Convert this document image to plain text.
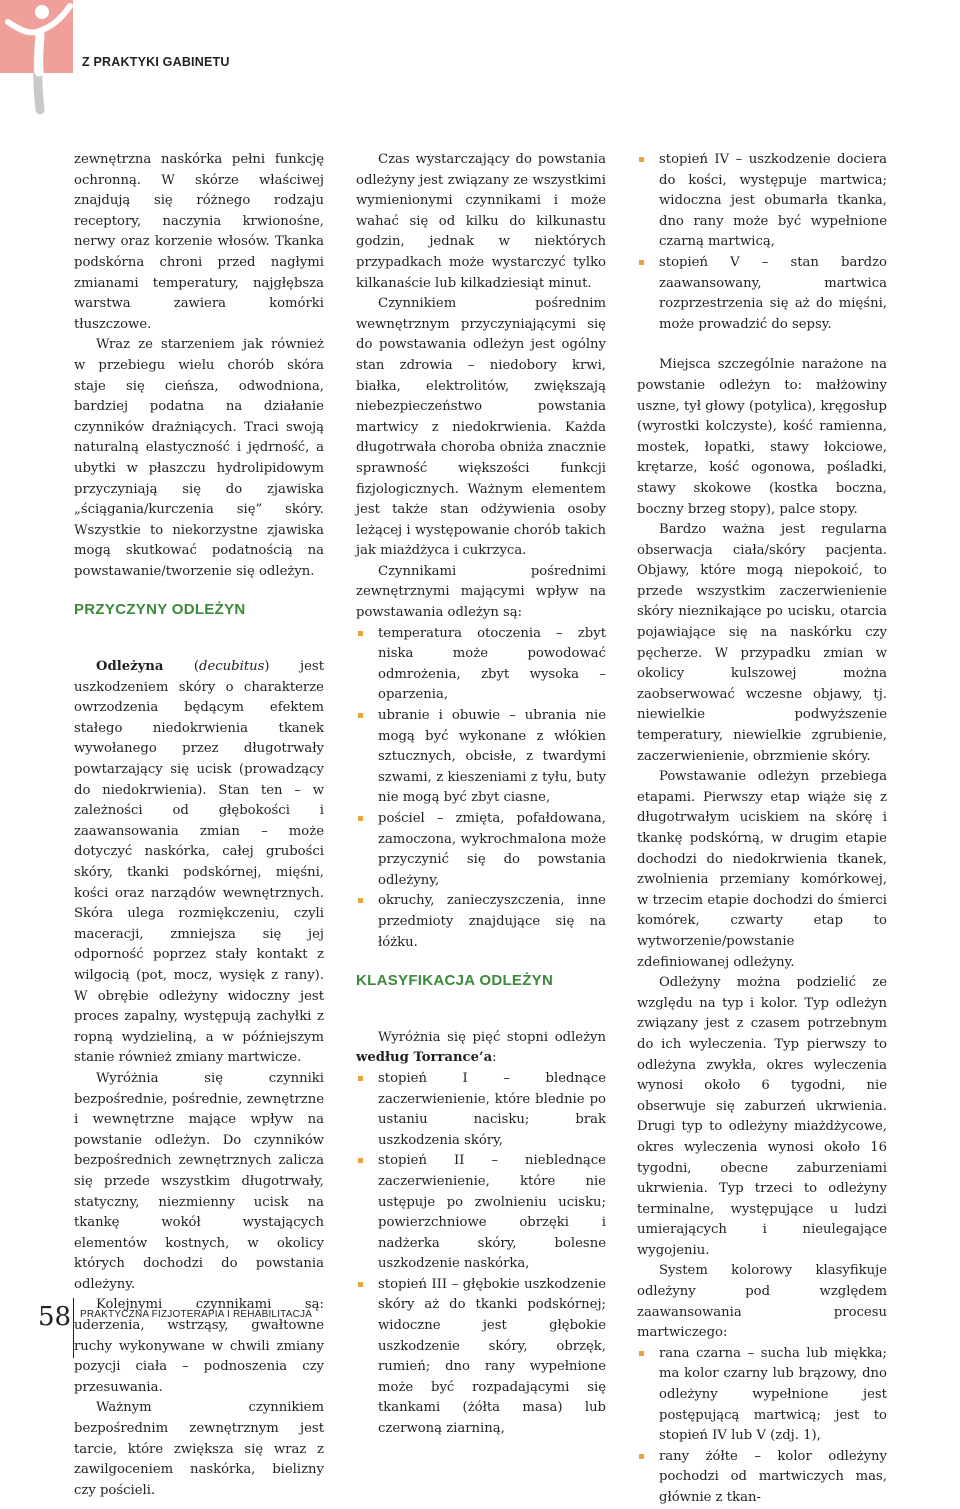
Z PRAKTYKI GABINETU

zewnętrzna naskórka pełni funkcję ochronną. W skórze właściwej znajdują się różnego rodzaju receptory, naczynia krwionośne, nerwy oraz korzenie włosów. Tkanka podskórna chroni przed nagłymi zmianami temperatury, najgłębsza warstwa zawiera komórki tłuszczowe.

Wraz ze starzeniem jak również w przebiegu wielu chorób skóra staje się cieńsza, odwodniona, bardziej podatna na działanie czynników drażniących. Traci swoją naturalną elastyczność i jędrność, a ubytki w płaszczu hydrolipidowym przyczyniają się do zjawiska „ściągania/kurczenia się” skóry. Wszystkie to niekorzystne zjawiska mogą skutkować podatnością na powstawanie/tworzenie się odleżyn.

PRZYCZYNY ODLEŻYN

Odleżyna (decubitus) jest uszkodzeniem skóry o charakterze owrzodzenia będącym efektem stałego niedokrwienia tkanek wywołanego przez długotrwały powtarzający się ucisk (prowadzący do niedokrwienia). Stan ten – w zależności od głębokości i zaawansowania zmian – może dotyczyć naskórka, całej grubości skóry, tkanki podskórnej, mięśni, kości oraz narządów wewnętrznych. Skóra ulega rozmiękczeniu, czyli maceracji, zmniejsza się jej odporność poprzez stały kontakt z wilgocią (pot, mocz, wysięk z rany). W obrębie odleżyny widoczny jest proces zapalny, występują zachyłki z ropną wydzieliną, a w późniejszym stanie również zmiany martwicze.

Wyróżnia się czynniki bezpośrednie, pośrednie, zewnętrzne i wewnętrzne mające wpływ na powstanie odleżyn. Do czynników bezpośrednich zewnętrznych zalicza się przede wszystkim długotrwały, statyczny, niezmienny ucisk na tkankę wokół wystających elementów kostnych, w okolicy których dochodzi do powstania odleżyny.

Kolejnymi czynnikami są: uderzenia, wstrząsy, gwałtowne ruchy wykonywane w chwili zmiany pozycji ciała – podnoszenia czy przesuwania.

Ważnym czynnikiem bezpośrednim zewnętrznym jest tarcie, które zwiększa się wraz z zawilgoceniem naskórka, bielizny czy pościeli.

Czas wystarczający do powstania odleżyny jest związany ze wszystkimi wymienionymi czynnikami i może wahać się od kilku do kilkunastu godzin, jednak w niektórych przypadkach może wystarczyć tylko kilkanaście lub kilkadziesiąt minut.

Czynnikiem pośrednim wewnętrznym przyczyniającymi się do powstawania odleżyn jest ogólny stan zdrowia – niedobory krwi, białka, elektrolitów, zwiększają niebezpieczeństwo powstania martwicy z niedokrwienia. Każda długotrwała choroba obniża znacznie sprawność większości funkcji fizjologicznych. Ważnym elementem jest także stan odżywienia osoby leżącej i występowanie chorób takich jak miażdżyca i cukrzyca.

Czynnikami pośrednimi zewnętrznymi mającymi wpływ na powstawania odleżyn są:

temperatura otoczenia – zbyt niska może powodować odmrożenia, zbyt wysoka – oparzenia,
ubranie i obuwie – ubrania nie mogą być wykonane z włókien sztucznych, obcisłe, z twardymi szwami, z kieszeniami z tyłu, buty nie mogą być zbyt ciasne,
pościel – zmięta, pofałdowana, zamoczona, wykrochmalona może przyczynić się do powstania odleżyny,
okruchy, zanieczyszczenia, inne przedmioty znajdujące się na łóżku.
KLASYFIKACJA ODLEŻYN

Wyróżnia się pięć stopni odleżyn według Torrance’a:

stopień I – blednące zaczerwienienie, które blednie po ustaniu nacisku; brak uszkodzenia skóry,
stopień II – nieblednące zaczerwienienie, które nie ustępuje po zwolnieniu ucisku; powierzchniowe obrzęki i nadżerka skóry, bolesne uszkodzenie naskórka,
stopień III – głębokie uszkodzenie skóry aż do tkanki podskórnej; widoczne jest głębokie uszkodzenie skóry, obrzęk, rumień; dno rany wypełnione może być rozpadającymi się tkankami (żółta masa) lub czerwoną ziarniną,
stopień IV – uszkodzenie dociera do kości, występuje martwica; widoczna jest obumarła tkanka, dno rany może być wypełnione czarną martwicą,
stopień V – stan bardzo zaawansowany, martwica rozprzestrzenia się aż do mięśni, może prowadzić do sepsy.

Miejsca szczególnie narażone na powstanie odleżyn to: małżowiny uszne, tył głowy (potylica), kręgosłup (wyrostki kolczyste), kość ramienna, mostek, łopatki, stawy łokciowe, krętarze, kość ogonowa, pośladki, stawy skokowe (kostka boczna, boczny brzeg stopy), palce stopy.

Bardzo ważna jest regularna obserwacja ciała/skóry pacjenta. Objawy, które mogą niepokoić, to przede wszystkim zaczerwienienie skóry nieznikające po ucisku, otarcia pojawiające się na naskórku czy pęcherze. W przypadku zmian w okolicy kulszowej można zaobserwować wczesne objawy, tj. niewielkie podwyższenie temperatury, niewielkie zgrubienie, zaczerwienienie, obrzmienie skóry.

Powstawanie odleżyn przebiega etapami. Pierwszy etap wiąże się z długotrwałym uciskiem na skórę i tkankę podskórną, w drugim etapie dochodzi do niedokrwienia tkanek, zwolnienia przemiany komórkowej, w trzecim etapie dochodzi do śmierci komórek, czwarty etap to wytworzenie/powstanie zdefiniowanej odleżyny.

Odleżyny można podzielić ze względu na typ i kolor. Typ odleżyn związany jest z czasem potrzebnym do ich wyleczenia. Typ pierwszy to odleżyna zwykła, okres wyleczenia wynosi około 6 tygodni, nie obserwuje się zaburzeń ukrwienia. Drugi typ to odleżyny miażdżycowe, okres wyleczenia wynosi około 16 tygodni, obecne zaburzeniami ukrwienia. Typ trzeci to odleżyny terminalne, występujące u ludzi umierających i nieulegające wygojeniu.

System kolorowy klasyfikuje odleżyny pod względem zaawansowania procesu martwiczego:

rana czarna – sucha lub miękka; ma kolor czarny lub brązowy, dno odleżyny wypełnione jest postępującą martwicą; jest to stopień IV lub V (zdj. 1),
rany żółte – kolor odleżyny pochodzi od martwiczych mas, głównie z tkan-
58 PRAKTYCZNA FIZJOTERAPIA I REHABILITACJA
